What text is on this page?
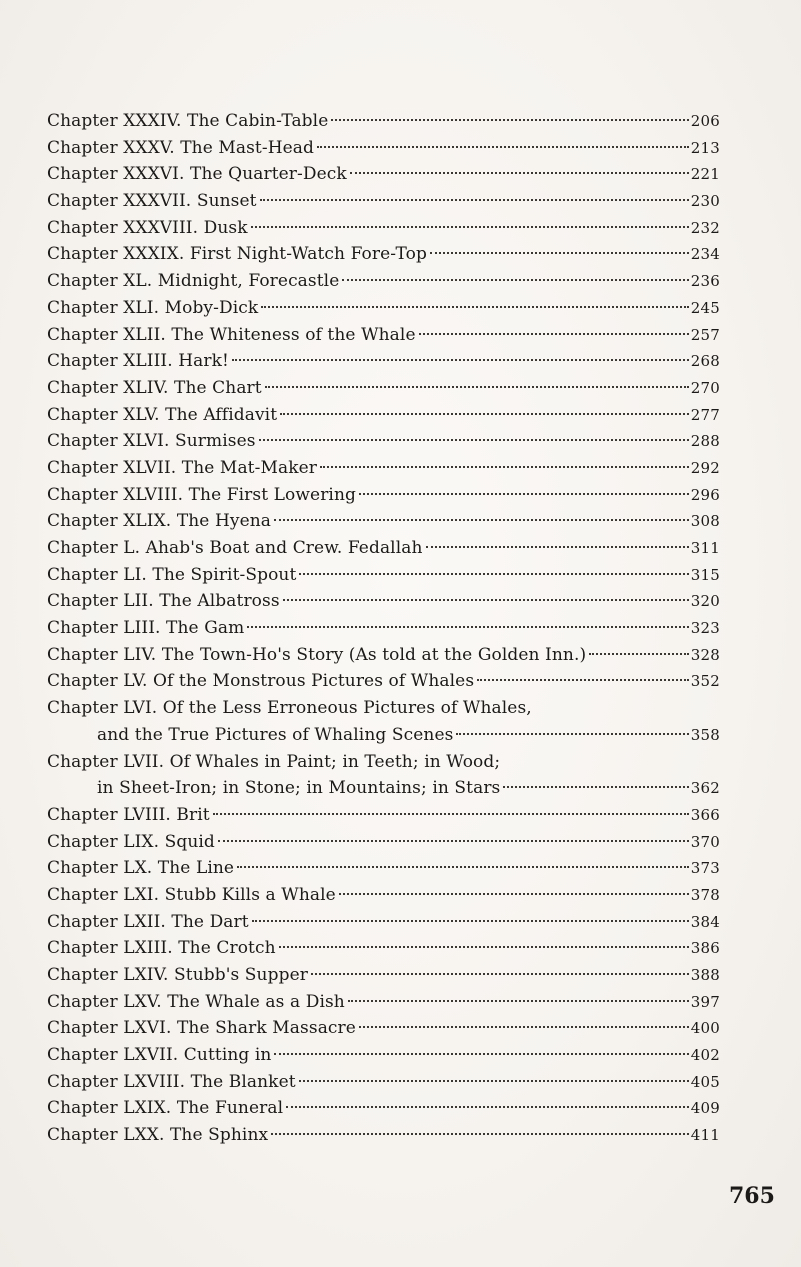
Chapter XXXIV. The Cabin-Table	206
Chapter XXXV. The Mast-Head	213
Chapter XXXVI. The Quarter-Deck	221
Chapter XXXVII. Sunset	230
Chapter XXXVIII. Dusk	232
Chapter XXXIX. First Night-Watch Fore-Top	234
Chapter XL. Midnight, Forecastle	236
Chapter XLI. Moby-Dick	245
Chapter XLII. The Whiteness of the Whale	257
Chapter XLIII. Hark!	268
Chapter XLIV. The Chart	270
Chapter XLV. The Affidavit	277
Chapter XLVI. Surmises	288
Chapter XLVII. The Mat-Maker	292
Chapter XLVIII. The First Lowering	296
Chapter XLIX. The Hyena	308
Chapter L. Ahab's Boat and Crew. Fedallah	311
Chapter LI. The Spirit-Spout	315
Chapter LII. The Albatross	320
Chapter LIII. The Gam	323
Chapter LIV. The Town-Ho's Story (As told at the Golden Inn.)	328
Chapter LV. Of the Monstrous Pictures of Whales	352
Chapter LVI. Of the Less Erroneous Pictures of Whales,
and the True Pictures of Whaling Scenes	358
Chapter LVII. Of Whales in Paint; in Teeth; in Wood;
in Sheet-Iron; in Stone; in Mountains; in Stars	362
Chapter LVIII. Brit	366
Chapter LIX. Squid	370
Chapter LX. The Line	373
Chapter LXI. Stubb Kills a Whale	378
Chapter LXII. The Dart	384
Chapter LXIII. The Crotch	386
Chapter LXIV. Stubb's Supper	388
Chapter LXV. The Whale as a Dish	397
Chapter LXVI. The Shark Massacre	400
Chapter LXVII. Cutting in	402
Chapter LXVIII. The Blanket	405
Chapter LXIX. The Funeral	409
Chapter LXX. The Sphinx	411
765
